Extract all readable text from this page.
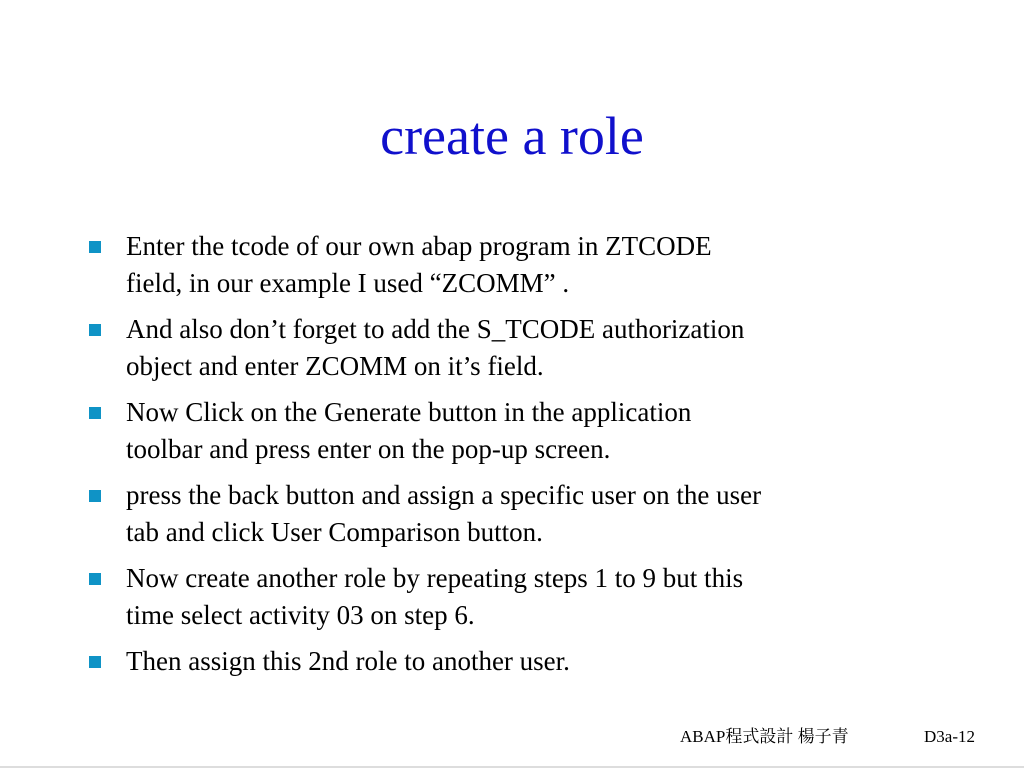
create a role
Enter the tcode of our own abap program in ZTCODE
field, in our example I used “ZCOMM” .
And also don’t forget to add the S_TCODE authorization
object and enter ZCOMM on it’s field.
Now Click on the Generate button in the application
toolbar and press enter on the pop-up screen.
press the back button and assign a specific user on the user
tab and click User Comparison button.
Now create another role by repeating steps 1 to 9 but this
time select activity 03 on step 6.
Then assign this 2nd role to another user.
ABAP程式設計 楊子青	D3a-12
